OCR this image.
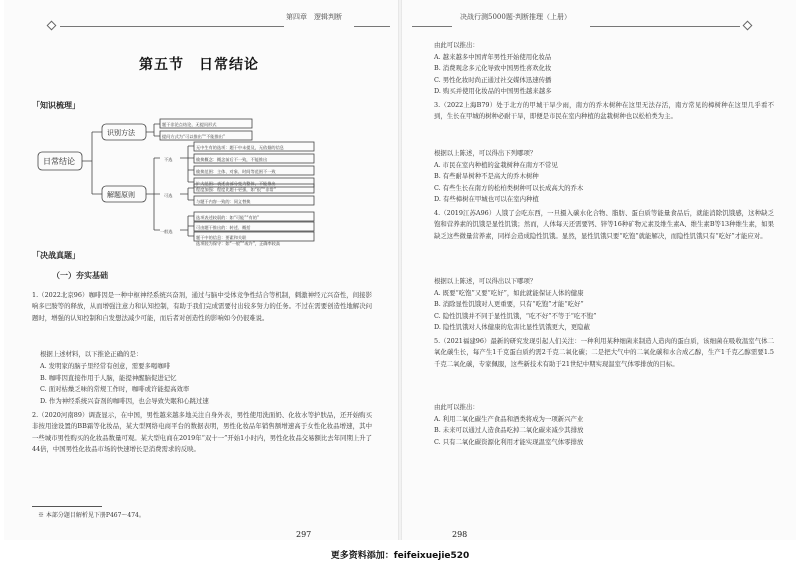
第四章　逻辑判断
第五节　日常结论
「知识梳理」
日常结论
识别方法
解题原则
题干非论点结论，无提问形式
提问方式为“可以推出”“不能推出”
不选
可选
一般选
无中生有的选项：题干中未提及，无依据的信息
偷换概念：概念前后不一致，不能推出
偷换范围：主体、对象、时间等范围不一致
扩大范围：表述由部分变为整体，不能推出
程度加强：程度比题干更强，如“很”“非常”
与题干内容一致的：同义替换
选项表述较弱的：如“可能”“有的”
可由题干推出的：转述、概括
题干中的信息：要素和关联
选项较为保守：如“一般”“或许”，正确率较高
「决战真题」
（一）夯实基础

1.（2022北京96）咖啡因是一种中枢神经系统兴奋剂，通过与脑中受体竞争性结合等机制，刺激神经元兴奋性，间接影响多巴胺等的释放，从而增强注意力和认知控制，有助于我们完成需要付出较多努力的任务。不过在需要创造性地解决问题时，增强的认知控制和自发想法减少可能，而后者对创造性的影响如今仍很难说。

根据上述材料，以下推论正确的是：

A. 发明家的脑子里经常有创意，需要多喝咖啡

B. 咖啡因直接作用于人脑，能提神醒脑促进记忆

C. 面对枯燥乏味的常规工作时，咖啡或许能提高效率

D. 作为神经系统兴奋剂的咖啡因，也会导致失眠和心跳过速

2.（2020河南89）调查显示，在中国，男性越来越多地关注自身外表，男性使用洗面奶、化妆水等护肤品，还开始购买非按用途设置的BB霜等化妆品，某大型网络电商平台的数据表明，男性化妆品年销售额增速高于女性化妆品增速，其中一些城市男性购买的化妆品数量可观。某大型电商在2019年“双十一”开始1小时内，男性化妆品交易额比去年同期上升了44倍，中国男性化妆品市场的快速增长是消费需求的反映。

※ 本部分题目解析见下册P467～474。
297
决战行测5000题·判断推理（上册）

由此可以推出：

A. 越来越多中国青年男性开始使用化妆品

B. 消费观念多元化导致中国男性喜欢化妆

C. 男性化妆时尚正通过社交媒体迅速传播

D. 购买并使用化妆品的中国男性越来越多

3.（2022上海B79）处于北方的甲城干旱少雨，南方的乔木树种在这里无法存活，南方常见的樟树种在这里几乎看不到，生长在甲城的树种必耐干旱，即便是市民在室内种植的盆栽树种也以松柏类为主。

根据以上陈述，可以得出下列哪项？

A. 市民在室内种植的盆栽树种在南方不常见

B. 有些耐旱树种不是高大的乔木树种

C. 有些生长在南方的松柏类树种可以长成高大的乔木

D. 有些樟树在甲城也可以在室内种植

4.（2019江苏A96）人饿了会吃东西，一旦摄入碳水化合物、脂肪、蛋白质等能量食品后，就能消除饥饿感，这种缺乏饱和营养素的饥饿是显性饥饿；然而，人体每天还需要钙、锌等16种矿物元素及维生素A、维生素B等13种维生素，如果缺乏这些微量营养素，同样会造成隐性饥饿。显然，显性饥饿只要“吃饱”就能解决，而隐性饥饿只有“吃好”才能应对。

根据以上陈述，可以得出以下哪项？

A. 既要“吃饱”又要“吃好”，如此就能保证人体的健康

B. 消除显性饥饿对人更重要，只有“吃饱”才能“吃好”

C. 隐性饥饿并不同于显性饥饿，“吃不好”不等于“吃不饱”

D. 隐性饥饿对人体健康的危害比显性饥饿更大，更隐蔽

5.（2021福建96）最新的研究发现引起人们关注：一种利用某种细菌来制造人造肉的蛋白质，该细菌在吸收温室气体二氧化碳生长，每产生1千克蛋白质约需2千克二氧化碳；二是把大气中的二氧化碳和水合成乙醇，生产1千克乙醇需要1.5千克二氧化碳，专家佩服，这些新技术有助于21世纪中期实现温室气体零排放的目标。

由此可以推出：

A. 利用二氧化碳生产食品和酒类将成为一项新兴产业

B. 未来可以通过人造食品吃掉二氧化碳来减少其排放

C. 只有二氧化碳资源化利用才能实现温室气体零排放

298
更多资料添加：feifeixuejie520
